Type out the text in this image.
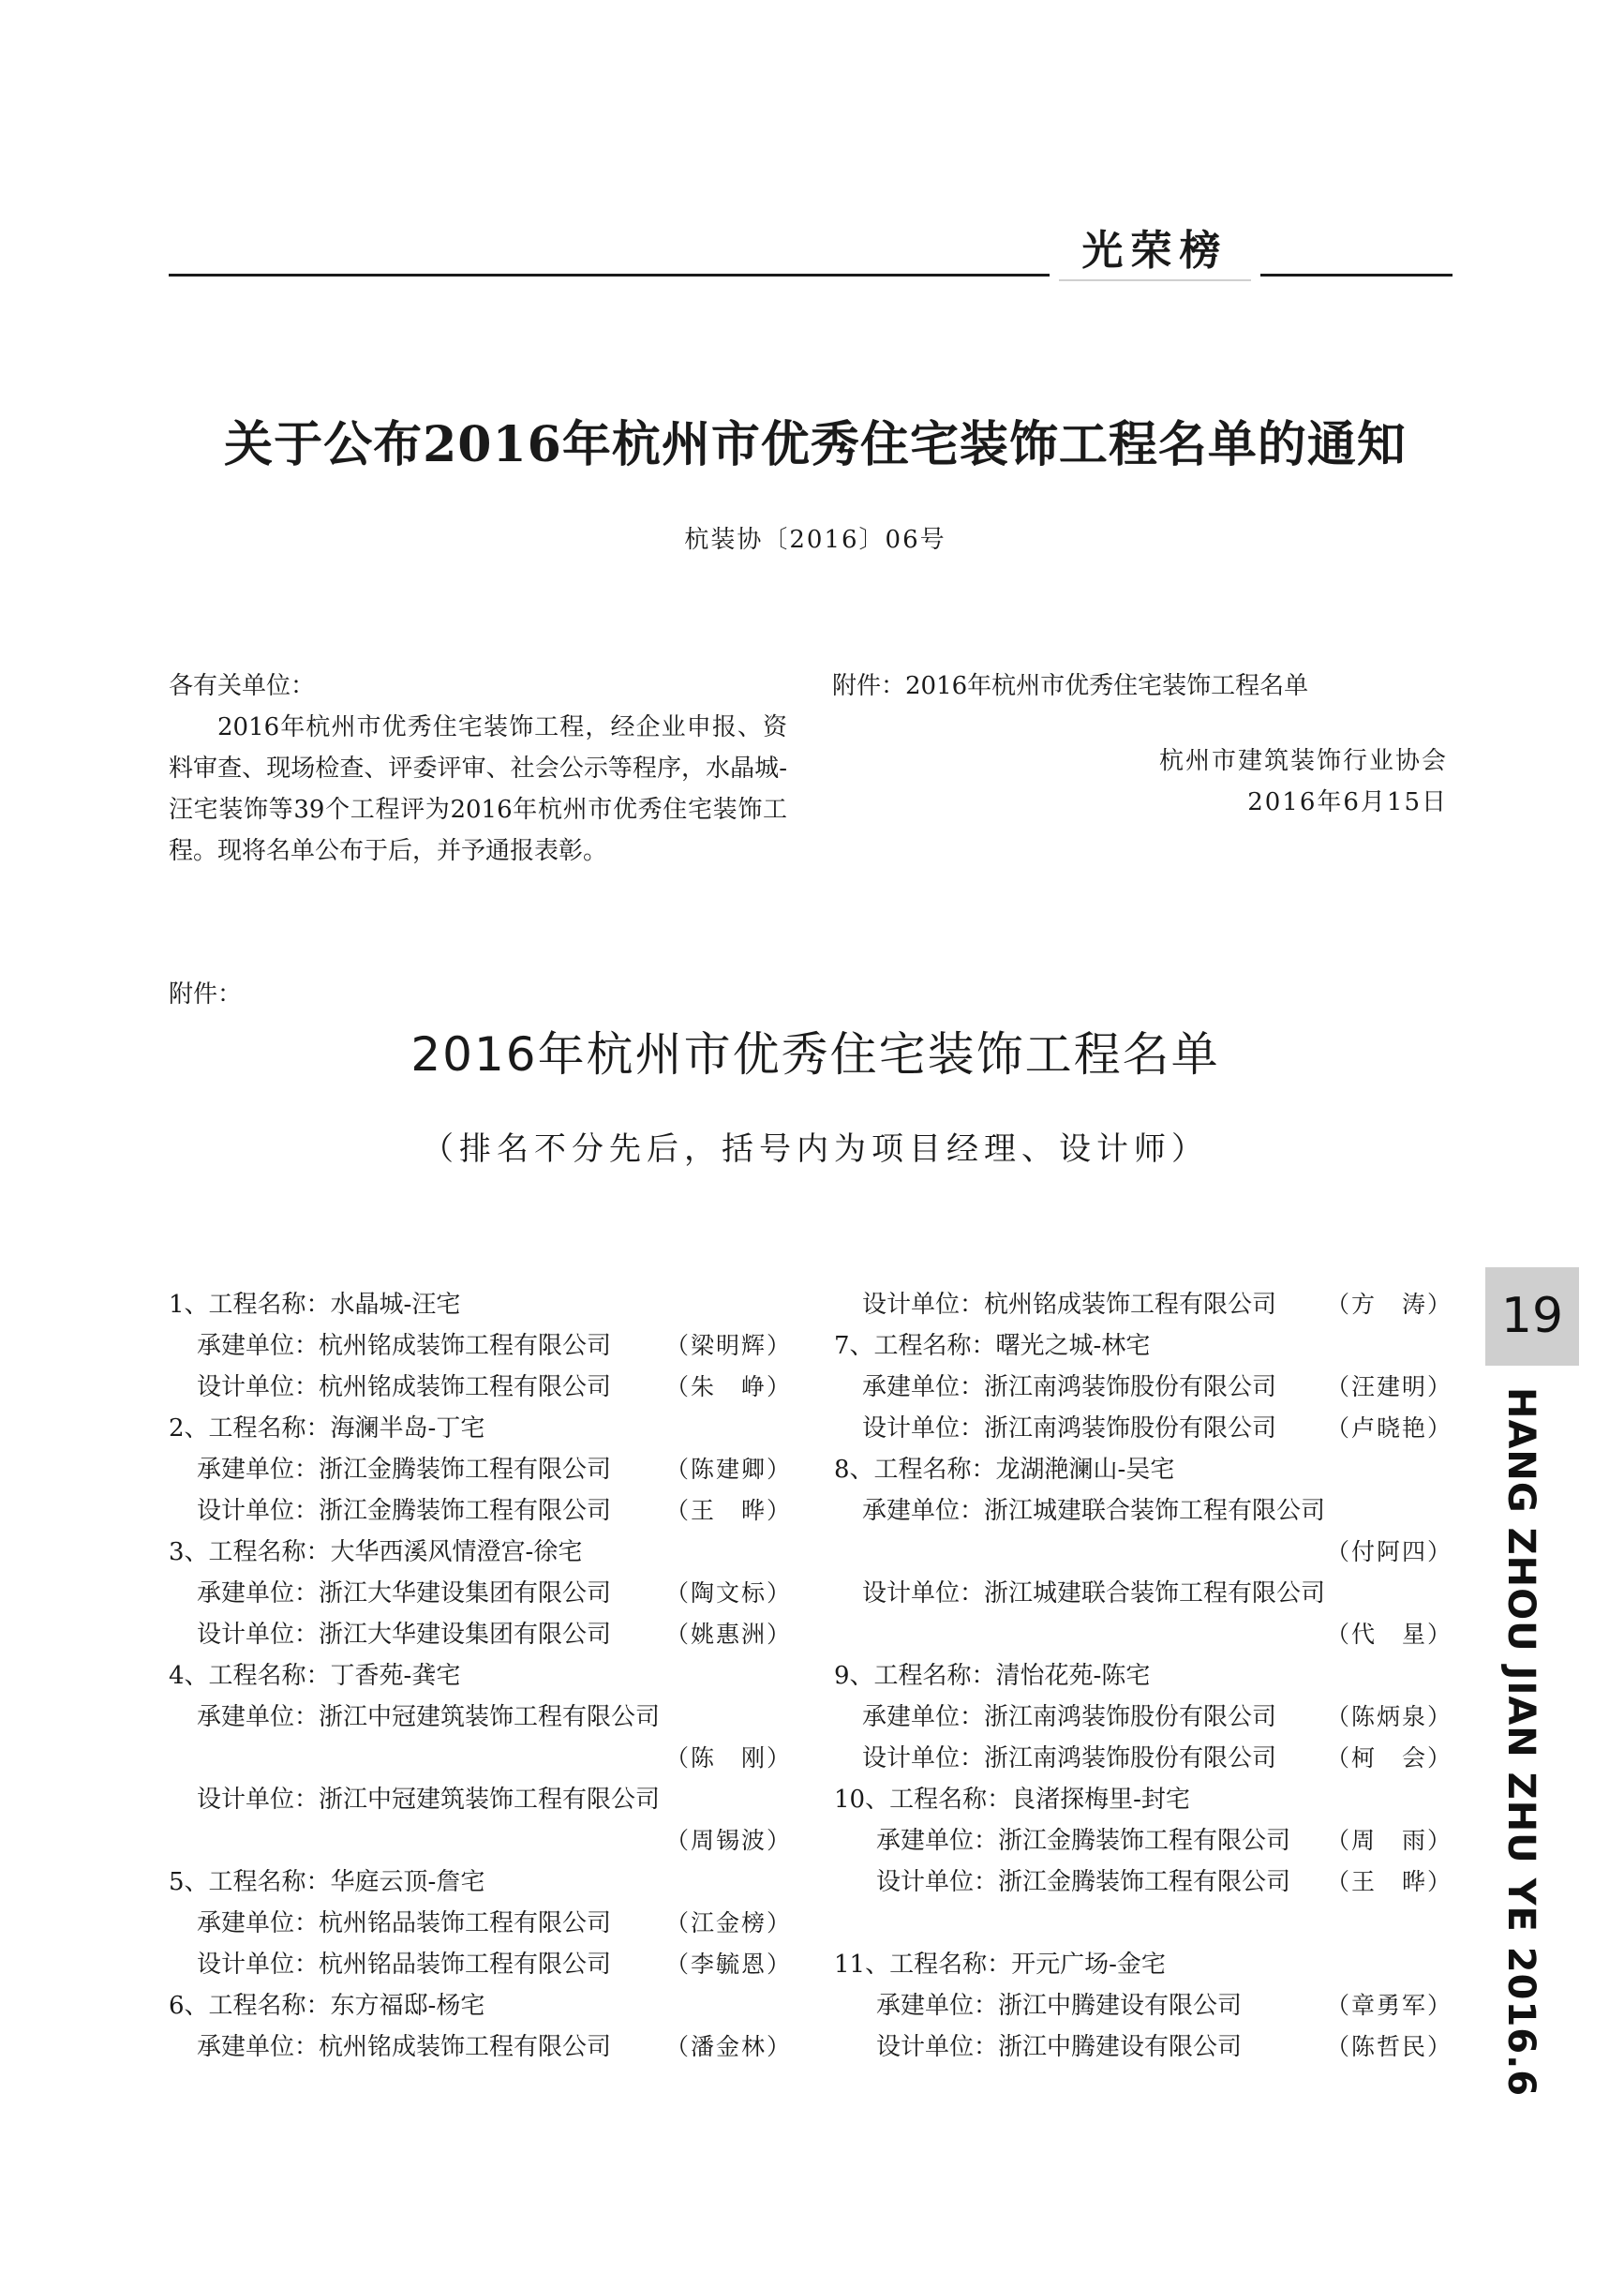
光荣榜
关于公布2016年杭州市优秀住宅装饰工程名单的通知
杭装协〔2016〕06号
各有关单位：
2016年杭州市优秀住宅装饰工程，经企业申报、资料审查、现场检查、评委评审、社会公示等程序，水晶城-汪宅装饰等39个工程评为2016年杭州市优秀住宅装饰工程。现将名单公布于后，并予通报表彰。
附件：2016年杭州市优秀住宅装饰工程名单
杭州市建筑装饰行业协会
2016年6月15日
附件：
2016年杭州市优秀住宅装饰工程名单
（排名不分先后，括号内为项目经理、设计师）
1、工程名称：水晶城-汪宅
承建单位：杭州铭成装饰工程有限公司 （梁明辉）
设计单位：杭州铭成装饰工程有限公司 （朱　峥）
2、工程名称：海澜半岛-丁宅
承建单位：浙江金腾装饰工程有限公司 （陈建卿）
设计单位：浙江金腾装饰工程有限公司 （王　晔）
3、工程名称：大华西溪风情澄宫-徐宅
承建单位：浙江大华建设集团有限公司 （陶文标）
设计单位：浙江大华建设集团有限公司 （姚惠洲）
4、工程名称：丁香苑-龚宅
承建单位：浙江中冠建筑装饰工程有限公司
（陈　刚）
设计单位：浙江中冠建筑装饰工程有限公司
（周锡波）
5、工程名称：华庭云顶-詹宅
承建单位：杭州铭品装饰工程有限公司 （江金榜）
设计单位：杭州铭品装饰工程有限公司 （李毓恩）
6、工程名称：东方福邸-杨宅
承建单位：杭州铭成装饰工程有限公司 （潘金林）
设计单位：杭州铭成装饰工程有限公司 （方　涛）
7、工程名称：曙光之城-林宅
承建单位：浙江南鸿装饰股份有限公司 （汪建明）
设计单位：浙江南鸿装饰股份有限公司 （卢晓艳）
8、工程名称：龙湖滟澜山-吴宅
承建单位：浙江城建联合装饰工程有限公司
（付阿四）
设计单位：浙江城建联合装饰工程有限公司
（代　星）
9、工程名称：清怡花苑-陈宅
承建单位：浙江南鸿装饰股份有限公司 （陈炳泉）
设计单位：浙江南鸿装饰股份有限公司 （柯　会）
10、工程名称：良渚探梅里-封宅
承建单位：浙江金腾装饰工程有限公司 （周　雨）
设计单位：浙江金腾装饰工程有限公司 （王　晔）
11、工程名称：开元广场-金宅
承建单位：浙江中腾建设有限公司	（章勇军）
设计单位：浙江中腾建设有限公司	（陈哲民）
19
HANG ZHOU JIAN ZHU YE 2016.6
